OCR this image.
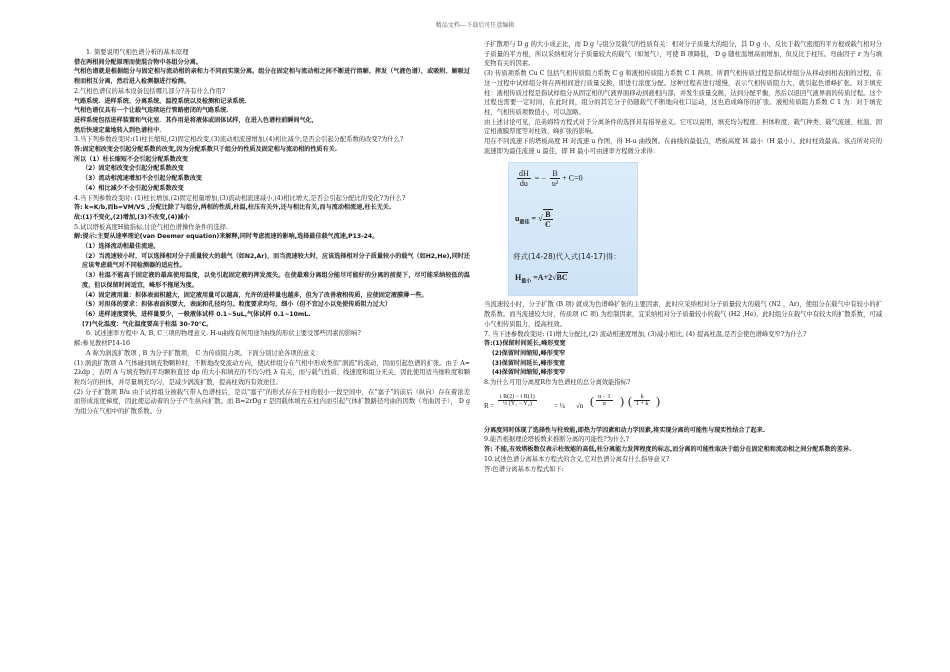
精品文档---下载后可任意编辑

1. 简要说明气相色谱分析的基本原理

借在两相间分配原理而使混合物中各组分分离。

气相色谱就是根据组分与固定相与流动相的亲和力不同而实现分离。组分在固定相与流动相之间不断进行溶解、挥发（气液色谱），或吸附、解吸过程而相互分离，然后进入检测器进行检测。

2.气相色谱仪的基本设备包括哪几部分?各有什么作用?

气路系统．进样系统、分离系统、温控系统以及检测和记录系统．

气相色谱仪具有一个让载气连续运行管路密闭的气路系统．

进样系统包括进样装置和气化室．其作用是将液体或固体试样，在进入色谱柱前瞬间气化，

然后快速定量地转入到色谱柱中．

3.当下列参数改变时:(1)柱长缩短,(2)固定相改变,(3)流动相流速增加,(4)相比减少,是否会引起分配系数的改变?为什么?

答:固定相改变会引起分配系数的改变,因为分配系数只于组分的性质及固定相与流动相的性质有关.

所以（1）柱长缩短不会引起分配系数改变

（2）固定相改变会引起分配系数改变

（3）流动相流速增加不会引起分配系数改变

（4）相比减少不会引起分配系数改变

4.当下列参数改变时: (1)柱长增加,(2)固定相量增加,(3)流动相流速减小,(4)相比增大,是否会引起分配比的变化?为什么?

答: k=K/b,而b=VM/VS ,分配比除了与组分,两相的性质,柱温,柱压有关外,还与相比有关,而与流动相流速,柱长无关.

故:(1)不变化,(2)增加,(3)不改变,(4)减小

5.试以塔板高度H做指标,讨论气相色谱操作条件的选择.

解:提示:主要从速率理论(van Deemer equation)来解释,同时考虑流速的影响,选择最佳载气流速,P13-24。

（1）选择流动相最佳流速。

（2）当流速较小时，可以选择相对分子质量较大的载气（如N2,Ar)，而当流速较大时，应该选择相对分子质量较小的载气（如H2,He),同时还应该考虑载气对不同检测器的适应性。

（3）柱温不能高于固定液的最高使用温度，以免引起固定液的挥发流失。在使最难分离组分能尽可能好的分离的前提下，尽可能采纳较低的温度，但以保留时间适宜，峰形不拖尾为度。

（4）固定液用量：担体表面积越大，固定液用量可以越高，允许的进样量也越多，但为了改善液相传质，应使固定液膜薄一些。

（5）对担体的要求：担体表面积要大，表面和孔径均匀。粒度要求均匀、细小（但不宜过小以免使传质阻力过大）

（6）进样速度要快，进样量要少，一般液体试样 0.1~5uL,气体试样 0.1~10mL.

(7)气化温度：气化温度要高于柱温 30-70℃。

6. 试述速率方程中 A, B, C三项的物理意义. H-u曲线有何用途?曲线的形状主要受那些因素的影响?

解:参见教材P14-16

A 称为涡流扩散项 , B 为分子扩散项， C 为传质阻力项。下面分别讨论各项的意义：

(1) 涡流扩散项 A 气体碰到填充物颗粒时，不断地改变流动方向，使试样组分在气相中形成类似"涡流"的流动，因而引起色谱的扩张。由于 A=2λdp ，表明 A 与填充物的平均颗粒直径 dp 的大小和填充的不均匀性 λ 有关，而与载气性质、线速度和组分无关，因此使用适当细粒度和颗粒均匀的担体，并尽量填充均匀，是减少涡流扩散，提高柱效的有效途径。

(2) 分子扩散项 B/u 由于试样组分被载气带入色谱柱后，是以"塞子"的形式存在于柱的很小一段空间中，在"塞子"的前后（纵向）存在着浓差而形成浓度梯度，因此使运动着的分子产生纵向扩散。而 B=2rDg r 是因载体填充在柱内而引起气体扩散路径弯曲的因数（弯曲因子）， D g 为组分在气相中的扩散系数。分

子扩散项与 D g 的大小成正比，而 D g 与组分及载气的性质有关：相对分子质量大的组分，其 D g 小，反比于载气密度的平方根或载气相对分子质量的平方根，所以采纳相对分子质量较大的载气（如氮气），可使 B 项降低， D g 随柱温增高而增加，但反比于柱压。弯曲因子 r 为与填充物有关的因素。

(3) 传质项系数 Cu C 包括气相传质阻力系数 C g 和液相传质阻力系数 C 1 两项。所谓气相传质过程是指试样组分从移动到相表面的过程，在这一过程中试样组分将在两相间进行质量交换，即进行浓度分配。这种过程若进行缓慢，表示气相传质阻力大，就引起色谱峰扩张。对于填充柱：液相传质过程是指试样组分从固定相的气液界面移动到液相内部，并发生质量交换，达到分配平衡，然后以返回气液界面的传质过程。这个过程也需要一定时间，在此时间，组分的其它分子仍随载气不断地向柱口运动，这也造成峰形的扩张。液相传质阻力系数 C 1 为：对于填充柱，气相传质项数值小，可以忽略。

由上述讨论可见，范弟姆特方程式对于分离条件的选择具有指导意义。它可以说明，填充均匀程度、担体粒度、载气种类、载气流速、柱温、固定相液膜厚度等对柱效、峰扩张的影响。

用在不同流速下的塔板高度 H 对流速 u 作图，得 H-u 曲线图。在曲线的最低点，塔板高度 H 最小（H 最小）。此时柱效最高。该点所对应的流速即为最佳流速 u 最佳，即 H 最小可由速率方程微分求得：

$\frac{dH}{du}$ = − $\frac{B}{\text{u²}} + C=0$
$u_{最佳}$ = √ $\frac{B}{C}$
将式(14-28)代入式(14-17)得：
$H_{最小} =A+2√BC$

当流速较小时，分子扩散 (B 项) 就成为色谱峰扩张的主要因素，此时应采纳相对分子质量较大的载气 (N2 ，Ar)，使组分在载气中有较小的扩散系数。而当流速较大时，传质项 (C 项) 为控制因素，宜采纳相对分子质量较小的载气 (H2 ,He)，此时组分在载气中有较大的扩散系数，可减小气相传质阻力，提高柱效。

7. 当下述参数改变时: (1)增大分配比,(2) 流动相速度增加, (3)减小相比, (4) 提高柱温,是否会使色谱峰变窄?为什么?

答:(1)保留时间延长,峰形变宽

(2)保留时间缩短,峰形变窄

(3)保留时间延长,峰形变宽

(4)保留时间缩短,峰形变窄

8.为什么可用分离度R作为色谱柱的总分离效能指标?

$R = \frac{\text{t R(2) − t R(1)}}{\text{½ (Y₁ − Y₂)}}$ = ¼ √n ( $\frac{\alpha - 1}{\alpha}$ ) ( $\frac{k}{1 + k}$ )

分离度同时体现了选择性与柱效能,即热力学因素和动力学因素,将实现分离的可能性与现实性结合了起来.

9.能否根据理论塔板数来推断分离的可能性?为什么?

答: 不能,有效塔板数仅表示柱效能的高低,柱分离能力发挥程度的标志,而分离的可能性取决于组分在固定相和流动相之间分配系数的差异.

10.试述色谱分离基本方程式的含义,它对色谱分离有什么指导意义?

答:色谱分离基本方程式如下:
